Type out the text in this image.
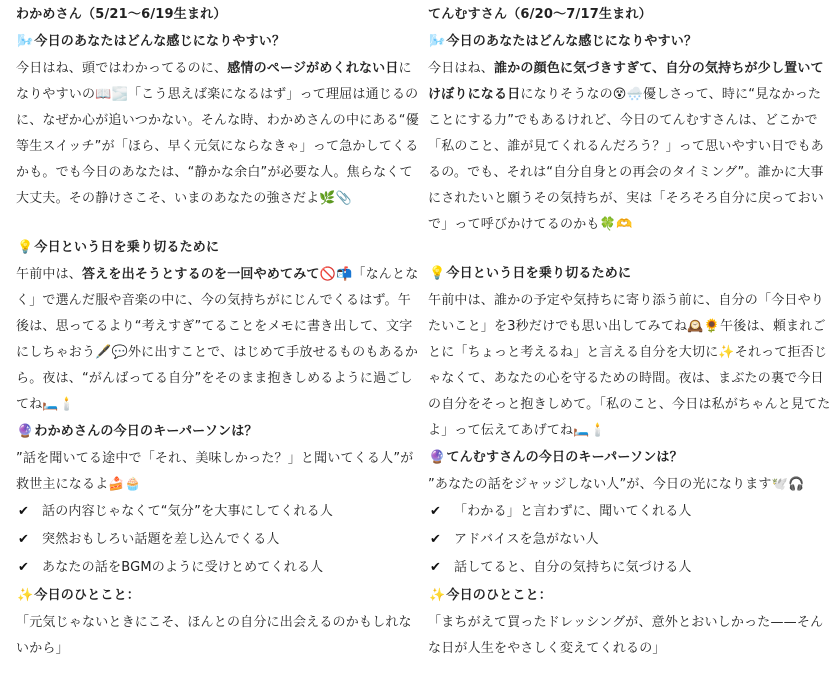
わかめさん（5/21〜6/19生まれ）
🌬️今日のあなたはどんな感じになりやすい？

今日はね、頭ではわかってるのに、感情のページがめくれない日になりやすいの📖🌫️「こう思えば楽になるはず」って理屈は通じるのに、なぜか心が追いつかない。そんな時、わかめさんの中にある“優等生スイッチ”が「ほら、早く元気にならなきゃ」って急かしてくるかも。でも今日のあなたは、“静かな余白”が必要な人。焦らなくて大丈夫。その静けさこそ、いまのあなたの強さだよ🌿📎

💡今日という日を乗り切るために

午前中は、答えを出そうとするのを一回やめてみて🚫📬「なんとなく」で選んだ服や音楽の中に、今の気持ちがにじんでくるはず。午後は、思ってるより“考えすぎ”てることをメモに書き出して、文字にしちゃおう🖋️💬外に出すことで、はじめて手放せるものもあるから。夜は、“がんばってる自分”をそのまま抱きしめるように過ごしてね🛏️🕯️

🔮わかめさんの今日のキーパーソンは？

”話を聞いてる途中で「それ、美味しかった？」と聞いてくる人”が救世主になるよ🍰🧁

✔ 話の内容じゃなくて“気分”を大事にしてくれる人
✔ 突然おもしろい話題を差し込んでくる人
✔ あなたの話をBGMのように受けとめてくれる人
✨今日のひとこと：

「元気じゃないときにこそ、ほんとの自分に出会えるのかもしれないから」

てんむすさん（6/20〜7/17生まれ）
🌬️今日のあなたはどんな感じになりやすい？

今日はね、誰かの顔色に気づきすぎて、自分の気持ちが少し置いてけぼりになる日になりそうなの😵🌨️優しさって、時に“見なかったことにする力”でもあるけれど、今日のてんむすさんは、どこかで「私のこと、誰が見てくれるんだろう？」って思いやすい日でもあるの。でも、それは“自分自身との再会のタイミング”。誰かに大事にされたいと願うその気持ちが、実は「そろそろ自分に戻っておいで」って呼びかけてるのかも🍀🫶

💡今日という日を乗り切るために

午前中は、誰かの予定や気持ちに寄り添う前に、自分の「今日やりたいこと」を3秒だけでも思い出してみてね🕰️🌻午後は、頼まれごとに「ちょっと考えるね」と言える自分を大切に✨それって拒否じゃなくて、あなたの心を守るための時間。夜は、まぶたの裏で今日の自分をそっと抱きしめて。「私のこと、今日は私がちゃんと見てたよ」って伝えてあげてね🛏️🕯️

🔮てんむすさんの今日のキーパーソンは？

”あなたの話をジャッジしない人”が、今日の光になります🕊️🎧

✔ 「わかる」と言わずに、聞いてくれる人
✔ アドバイスを急がない人
✔ 話してると、自分の気持ちに気づける人
✨今日のひとこと：

「まちがえて買ったドレッシングが、意外とおいしかった——そんな日が人生をやさしく変えてくれるの」
